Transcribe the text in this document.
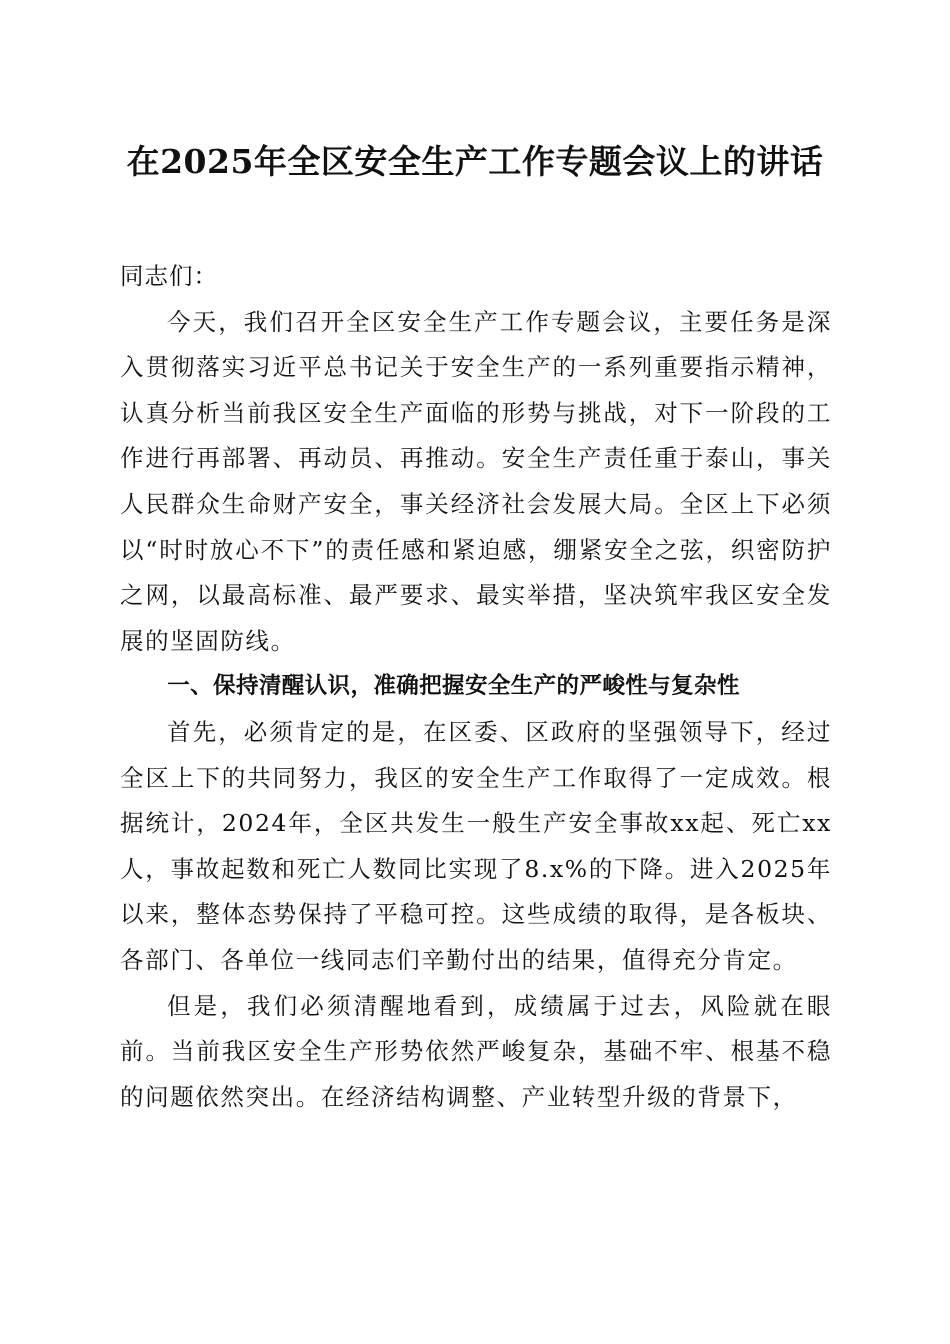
在2025年全区安全生产工作专题会议上的讲话

同志们：

今天，我们召开全区安全生产工作专题会议，主要任务是深入贯彻落实习近平总书记关于安全生产的一系列重要指示精神，认真分析当前我区安全生产面临的形势与挑战，对下一阶段的工作进行再部署、再动员、再推动。安全生产责任重于泰山，事关人民群众生命财产安全，事关经济社会发展大局。全区上下必须以“时时放心不下”的责任感和紧迫感，绷紧安全之弦，织密防护之网，以最高标准、最严要求、最实举措，坚决筑牢我区安全发展的坚固防线。

一、保持清醒认识，准确把握安全生产的严峻性与复杂性

首先，必须肯定的是，在区委、区政府的坚强领导下，经过全区上下的共同努力，我区的安全生产工作取得了一定成效。根据统计，2024年，全区共发生一般生产安全事故xx起、死亡xx人，事故起数和死亡人数同比实现了8.x%的下降。进入2025年以来，整体态势保持了平稳可控。这些成绩的取得，是各板块、各部门、各单位一线同志们辛勤付出的结果，值得充分肯定。

但是，我们必须清醒地看到，成绩属于过去，风险就在眼前。当前我区安全生产形势依然严峻复杂，基础不牢、根基不稳的问题依然突出。在经济结构调整、产业转型升级的背景下，
